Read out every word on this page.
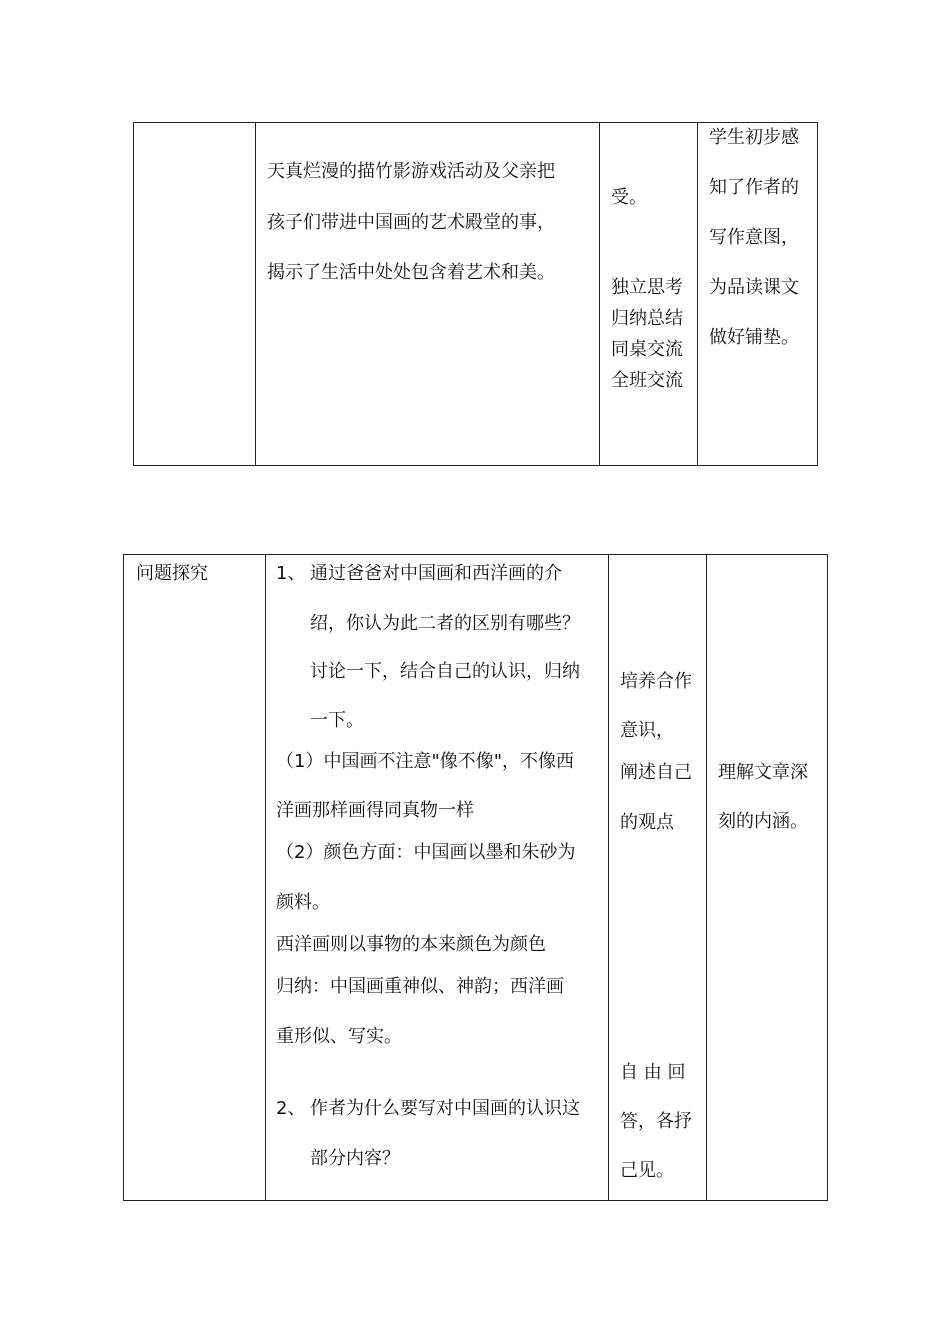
天真烂漫的描竹影游戏活动及父亲把
孩子们带进中国画的艺术殿堂的事，
揭示了生活中处处包含着艺术和美。
受。
独立思考
归纳总结
同桌交流
全班交流
学生初步感
知了作者的
写作意图，
为品读课文
做好铺垫。
问题探究	1、 通过爸爸对中国画和西洋画的介
绍，你认为此二者的区别有哪些？
讨论一下，结合自己的认识，归纳
一下。
（1）中国画不注意"像不像"，不像西
洋画那样画得同真物一样
（2）颜色方面：中国画以墨和朱砂为
颜料。
西洋画则以事物的本来颜色为颜色
归纳：中国画重神似、神韵；西洋画
重形似、写实。
2、 作者为什么要写对中国画的认识这
部分内容？
培养合作
意识，
阐述自己
的观点
自 由 回
答，各抒
己见。
理解文章深
刻的内涵。
